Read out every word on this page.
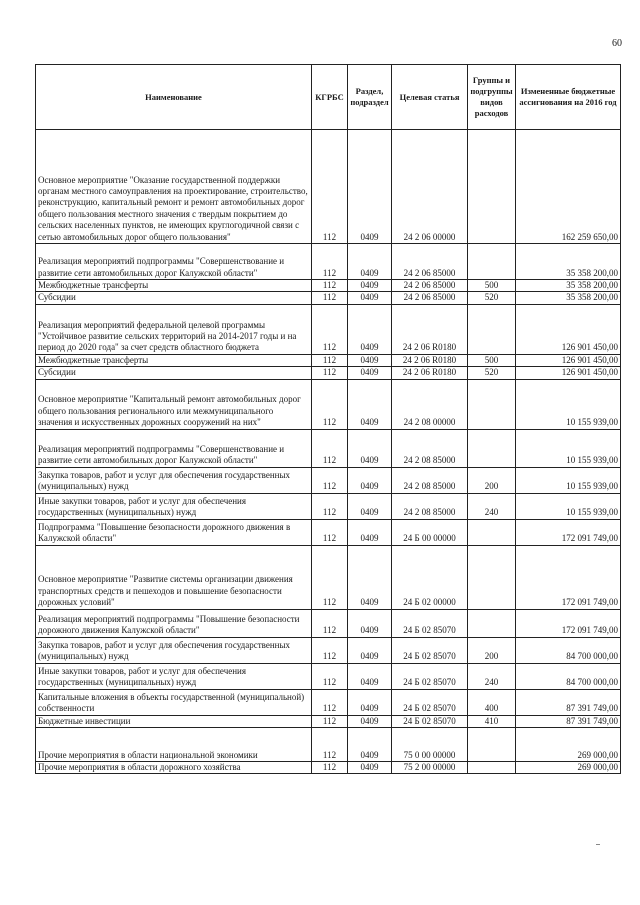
60
Наименование	КГРБС	Раздел, подраздел	Целевая статья	Группы и подгруппы видов расходов	Измененные бюджетные ассигнования на 2016 год
Основное мероприятие "Оказание государственной поддержки органам местного самоуправления на проектирование, строительство, реконструкцию, капитальный ремонт и ремонт автомобильных дорог общего пользования местного значения с твердым покрытием до сельских населенных пунктов, не имеющих круглогодичной связи с сетью автомобильных дорог общего пользования"	112	0409	24 2 06 00000		162 259 650,00
Реализация мероприятий подпрограммы "Совершенствование и развитие сети автомобильных дорог Калужской области"	112	0409	24 2 06 85000		35 358 200,00
Межбюджетные трансферты	112	0409	24 2 06 85000	500	35 358 200,00
Субсидии	112	0409	24 2 06 85000	520	35 358 200,00
Реализация мероприятий федеральной целевой программы "Устойчивое развитие сельских территорий на 2014-2017 годы и на период до 2020 года" за счет средств областного бюджета	112	0409	24 2 06 R0180		126 901 450,00
Межбюджетные трансферты	112	0409	24 2 06 R0180	500	126 901 450,00
Субсидии	112	0409	24 2 06 R0180	520	126 901 450,00
Основное мероприятие "Капитальный ремонт автомобильных дорог общего пользования регионального или межмуниципального значения и искусственных дорожных сооружений на них"	112	0409	24 2 08 00000		10 155 939,00
Реализация мероприятий подпрограммы "Совершенствование и развитие сети автомобильных дорог Калужской области"	112	0409	24 2 08 85000		10 155 939,00
Закупка товаров, работ и услуг для обеспечения государственных (муниципальных) нужд	112	0409	24 2 08 85000	200	10 155 939,00
Иные закупки товаров, работ и услуг для обеспечения государственных (муниципальных) нужд	112	0409	24 2 08 85000	240	10 155 939,00
Подпрограмма "Повышение безопасности дорожного движения в Калужской области"	112	0409	24 Б 00 00000		172 091 749,00
Основное мероприятие "Развитие системы организации движения транспортных средств и пешеходов и повышение безопасности дорожных условий"	112	0409	24 Б 02 00000		172 091 749,00
Реализация мероприятий подпрограммы "Повышение безопасности дорожного движения Калужской области"	112	0409	24 Б 02 85070		172 091 749,00
Закупка товаров, работ и услуг для обеспечения государственных (муниципальных) нужд	112	0409	24 Б 02 85070	200	84 700 000,00
Иные закупки товаров, работ и услуг для обеспечения государственных (муниципальных) нужд	112	0409	24 Б 02 85070	240	84 700 000,00
Капитальные вложения в объекты государственной (муниципальной) собственности	112	0409	24 Б 02 85070	400	87 391 749,00
Бюджетные инвестиции	112	0409	24 Б 02 85070	410	87 391 749,00
Прочие мероприятия в области национальной экономики	112	0409	75 0 00 00000		269 000,00
Прочие мероприятия в области дорожного хозяйства	112	0409	75 2 00 00000		269 000,00
